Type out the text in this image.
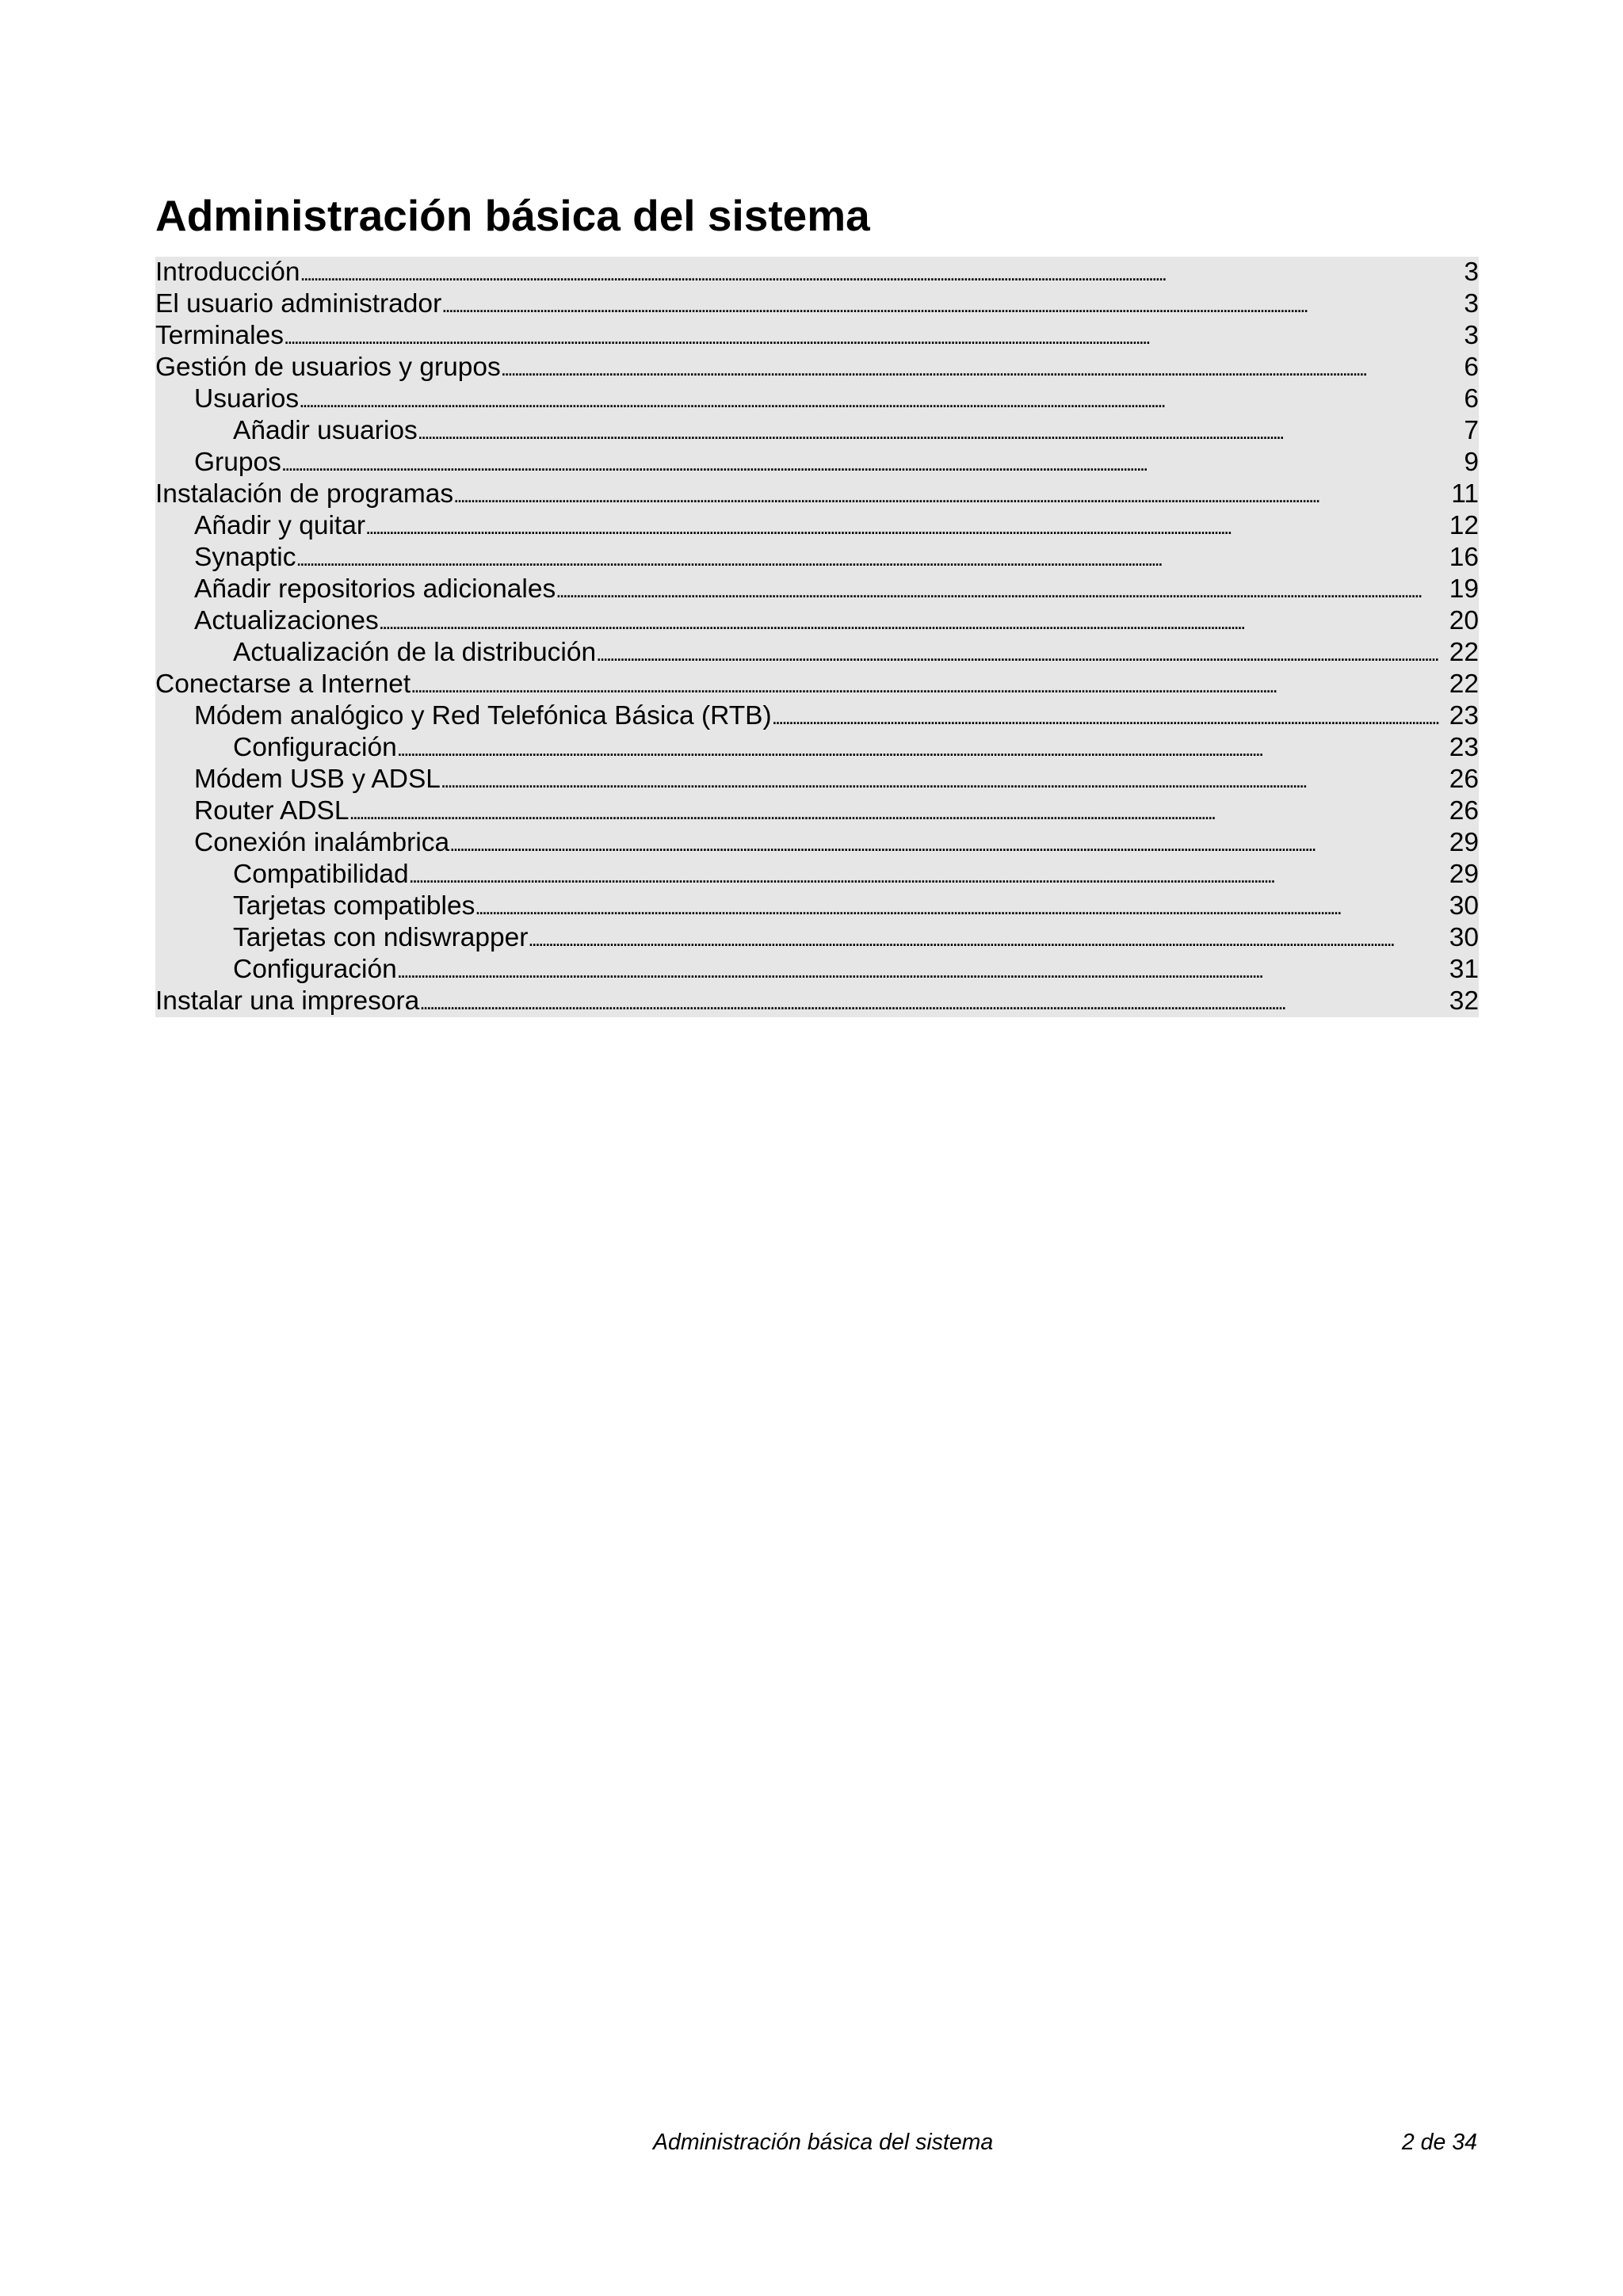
Administración básica del sistema
Introducción . . .	3
El usuario administrador . . .	3
Terminales . . .	3
Gestión de usuarios y grupos . . .	6
Usuarios . . .	6
Añadir usuarios . . .	7
Grupos . . .	9
Instalación de programas . . .	11
Añadir y quitar . . .	12
Synaptic . . .	16
Añadir repositorios adicionales . . .	19
Actualizaciones . . .	20
Actualización de la distribución . . .	22
Conectarse a Internet . . .	22
Módem analógico y Red Telefónica Básica (RTB) . . .	23
Configuración . . .	23
Módem USB y ADSL . . .	26
Router ADSL . . .	26
Conexión inalámbrica . . .	29
Compatibilidad . . .	29
Tarjetas compatibles . . .	30
Tarjetas con ndiswrapper . . .	30
Configuración . . .	31
Instalar una impresora . . .	32
Administración básica del sistema	2 de 34
